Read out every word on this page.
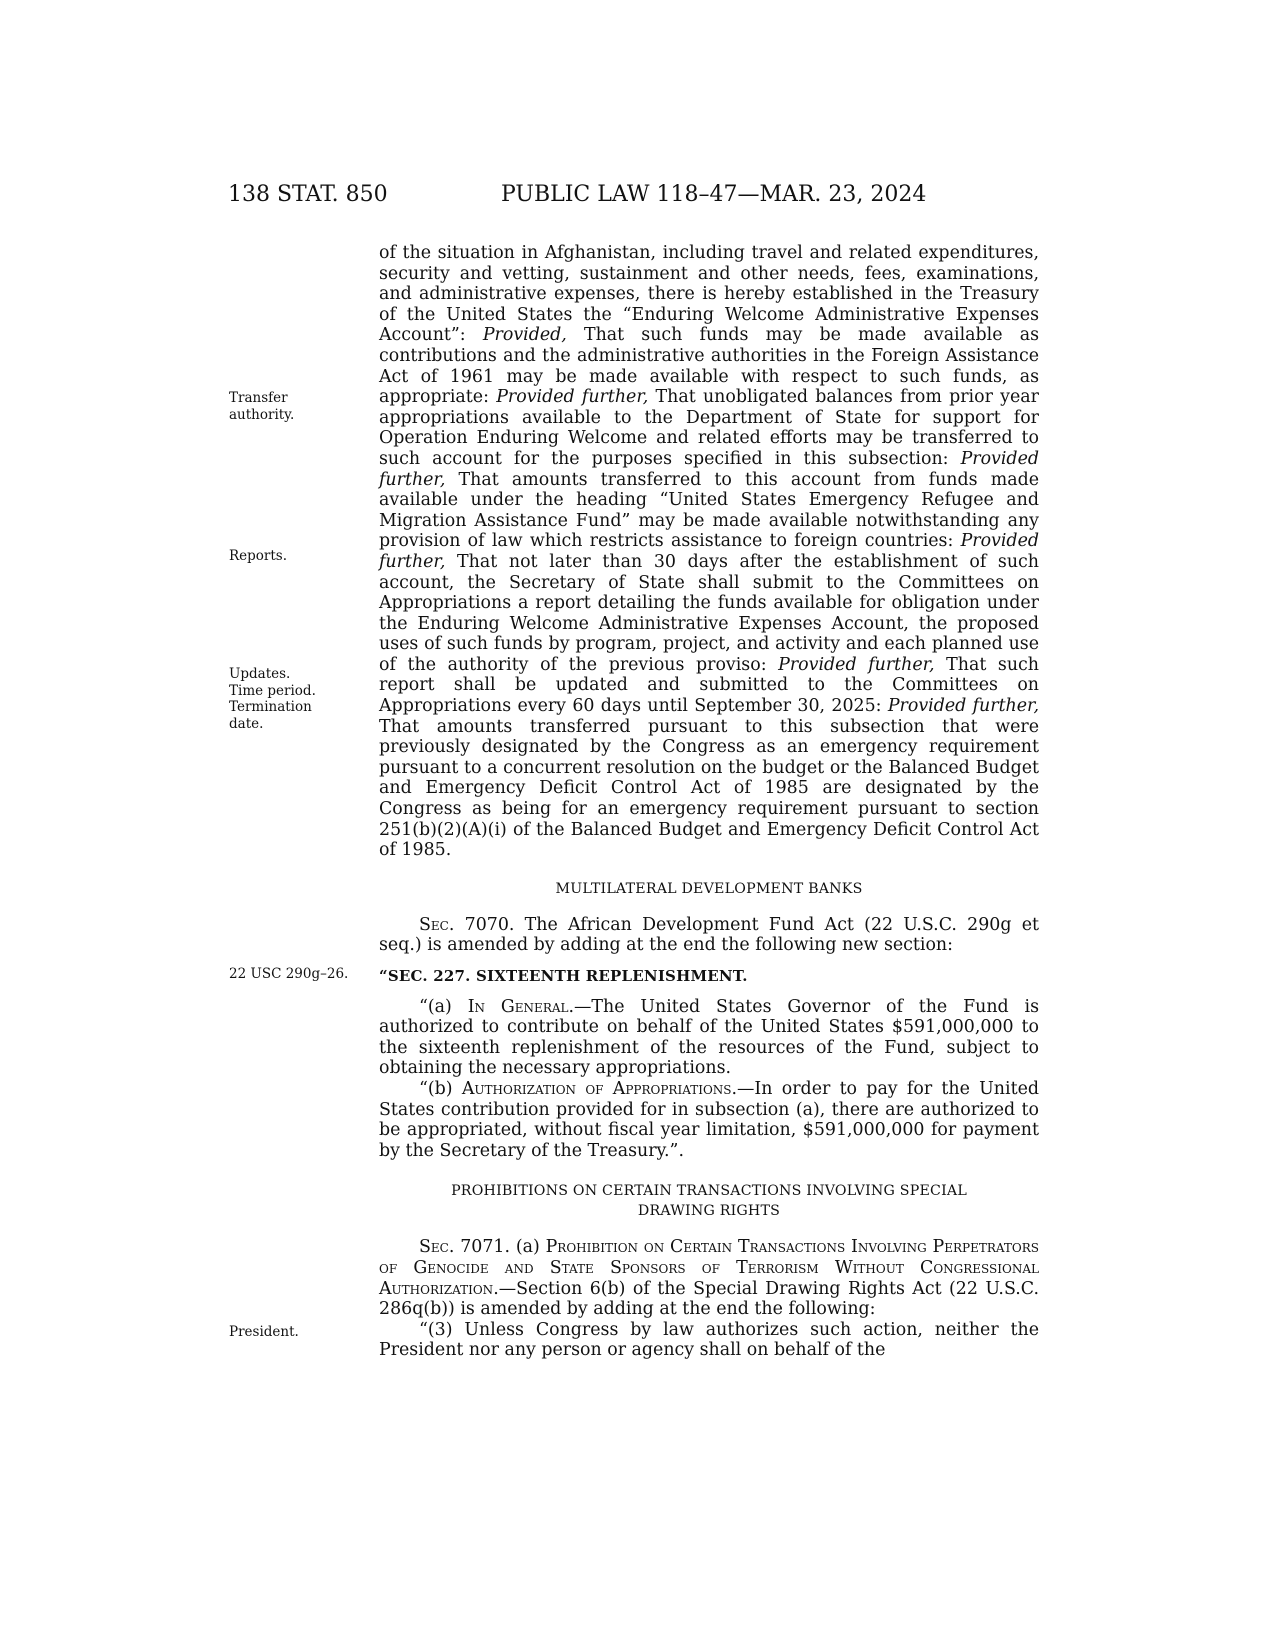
138 STAT. 850	PUBLIC LAW 118–47—MAR. 23, 2024
Transfer
authority.
Reports.
Updates.
Time period.
Termination
date.
22 USC 290g–26.
President.

of the situation in Afghanistan, including travel and related expenditures, security and vetting, sustainment and other needs, fees, examinations, and administrative expenses, there is hereby established in the Treasury of the United States the “Enduring Welcome Administrative Expenses Account”: Provided, That such funds may be made available as contributions and the administrative authorities in the Foreign Assistance Act of 1961 may be made available with respect to such funds, as appropriate: Provided further, That unobligated balances from prior year appropriations available to the Department of State for support for Operation Enduring Welcome and related efforts may be transferred to such account for the purposes specified in this subsection: Provided further, That amounts transferred to this account from funds made available under the heading “United States Emergency Refugee and Migration Assistance Fund” may be made available notwithstanding any provision of law which restricts assistance to foreign countries: Provided further, That not later than 30 days after the establishment of such account, the Secretary of State shall submit to the Committees on Appropriations a report detailing the funds available for obligation under the Enduring Welcome Administrative Expenses Account, the proposed uses of such funds by program, project, and activity and each planned use of the authority of the previous proviso: Provided further, That such report shall be updated and submitted to the Committees on Appropriations every 60 days until September 30, 2025: Provided further, That amounts transferred pursuant to this subsection that were previously designated by the Congress as an emergency requirement pursuant to a concurrent resolution on the budget or the Balanced Budget and Emergency Deficit Control Act of 1985 are designated by the Congress as being for an emergency requirement pursuant to section 251(b)(2)(A)(i) of the Balanced Budget and Emergency Deficit Control Act of 1985.

MULTILATERAL DEVELOPMENT BANKS

Sec. 7070. The African Development Fund Act (22 U.S.C. 290g et seq.) is amended by adding at the end the following new section:

“SEC. 227. SIXTEENTH REPLENISHMENT.

“(a) In General.—The United States Governor of the Fund is authorized to contribute on behalf of the United States $591,000,000 to the sixteenth replenishment of the resources of the Fund, subject to obtaining the necessary appropriations.

“(b) Authorization of Appropriations.—In order to pay for the United States contribution provided for in subsection (a), there are authorized to be appropriated, without fiscal year limitation, $591,000,000 for payment by the Secretary of the Treasury.”.

PROHIBITIONS ON CERTAIN TRANSACTIONS INVOLVING SPECIAL
DRAWING RIGHTS

Sec. 7071. (a) Prohibition on Certain Transactions Involving Perpetrators of Genocide and State Sponsors of Terrorism Without Congressional Authorization.—Section 6(b) of the Special Drawing Rights Act (22 U.S.C. 286q(b)) is amended by adding at the end the following:

“(3) Unless Congress by law authorizes such action, neither the President nor any person or agency shall on behalf of the
